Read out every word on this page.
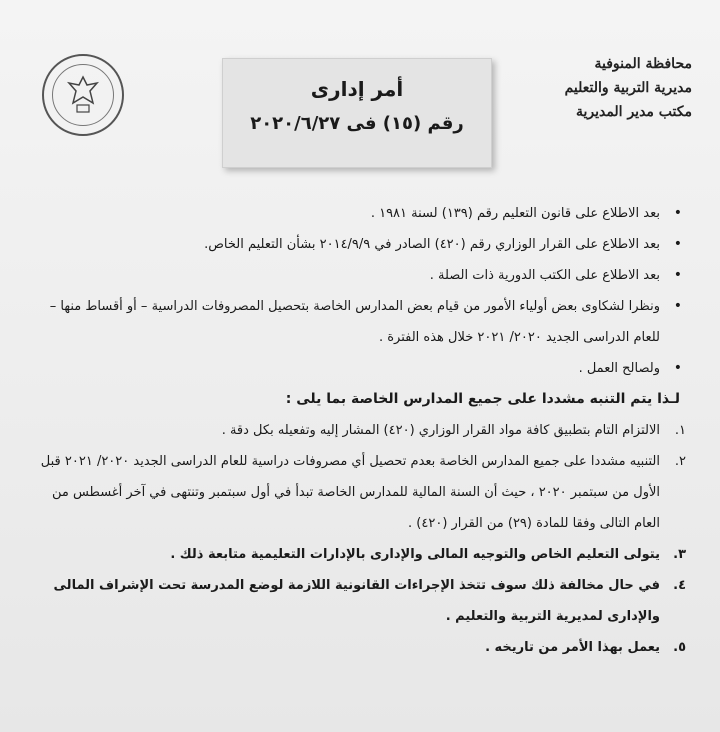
محافظة المنوفية
مديرية التربية والتعليم
مكتب مدير المديرية
أمر إدارى
رقم (١٥) فى ٢٠٢٠/٦/٢٧
•
بعد الاطلاع على قانون التعليم رقم (١٣٩) لسنة ١٩٨١ .
•
بعد الاطلاع على القرار الوزاري رقم (٤٢٠) الصادر في ٢٠١٤/٩/٩ بشأن التعليم الخاص.
•
بعد الاطلاع على الكتب الدورية ذات الصلة .
•
ونظرا لشكاوى بعض أولياء الأمور من قيام بعض المدارس الخاصة بتحصيل المصروفات الدراسية – أو أقساط منها – للعام الدراسى الجديد ٢٠٢٠/ ٢٠٢١ خلال هذه الفترة .
•
ولصالح العمل .

لـذا يتم التنبه مشددا على جميع المدارس الخاصة بما يلى :

١.
الالتزام التام بتطبيق كافة مواد القرار الوزاري (٤٢٠) المشار إليه وتفعيله بكل دقة .
٢.
التنبيه مشددا على جميع المدارس الخاصة بعدم تحصيل أي مصروفات دراسية للعام الدراسى الجديد ٢٠٢٠/ ٢٠٢١ قبل الأول من سبتمبر ٢٠٢٠ ، حيث أن السنة المالية للمدارس الخاصة تبدأ في أول سبتمبر وتنتهى في آخر أغسطس من العام التالى وفقا للمادة (٢٩) من القرار (٤٢٠) .
٣.
يتولى التعليم الخاص والتوجيه المالى والإدارى بالإدارات التعليمية متابعة ذلك .
٤.
في حال مخالفة ذلك سوف تتخذ الإجراءات القانونية اللازمة لوضع المدرسة تحت الإشراف المالى والإدارى لمديرية التربية والتعليم .
٥.
يعمل بهذا الأمر من تاريخه .
